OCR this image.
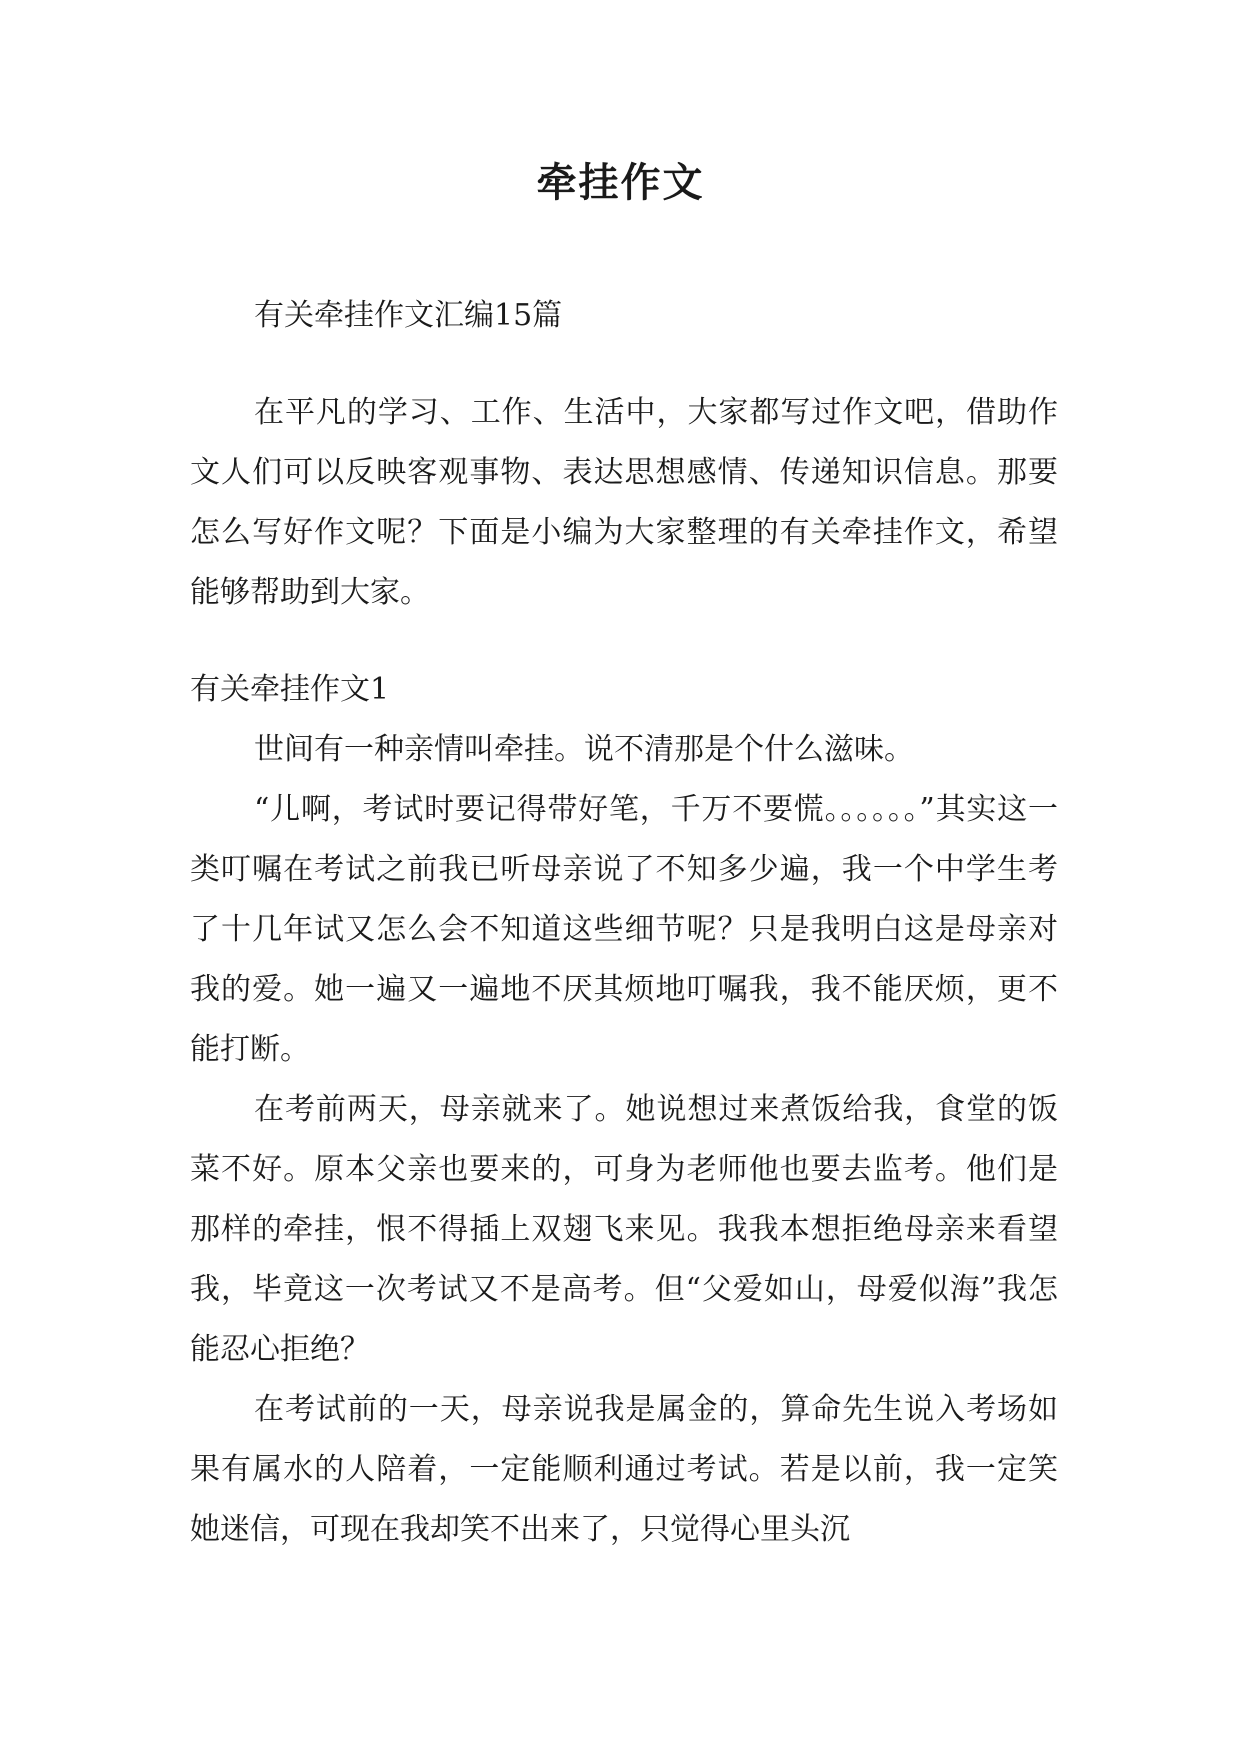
牵挂作文

有关牵挂作文汇编15篇

在平凡的学习、工作、生活中，大家都写过作文吧，借助作文人们可以反映客观事物、表达思想感情、传递知识信息。那要怎么写好作文呢？下面是小编为大家整理的有关牵挂作文，希望能够帮助到大家。

有关牵挂作文1

世间有一种亲情叫牵挂。说不清那是个什么滋味。

“儿啊，考试时要记得带好笔，千万不要慌。。。。。。”其实这一类叮嘱在考试之前我已听母亲说了不知多少遍，我一个中学生考了十几年试又怎么会不知道这些细节呢？只是我明白这是母亲对我的爱。她一遍又一遍地不厌其烦地叮嘱我，我不能厌烦，更不能打断。

在考前两天，母亲就来了。她说想过来煮饭给我，食堂的饭菜不好。原本父亲也要来的，可身为老师他也要去监考。他们是那样的牵挂，恨不得插上双翅飞来见。我我本想拒绝母亲来看望我，毕竟这一次考试又不是高考。但“父爱如山，母爱似海”我怎能忍心拒绝？

在考试前的一天，母亲说我是属金的，算命先生说入考场如果有属水的人陪着，一定能顺利通过考试。若是以前，我一定笑她迷信，可现在我却笑不出来了，只觉得心里头沉
